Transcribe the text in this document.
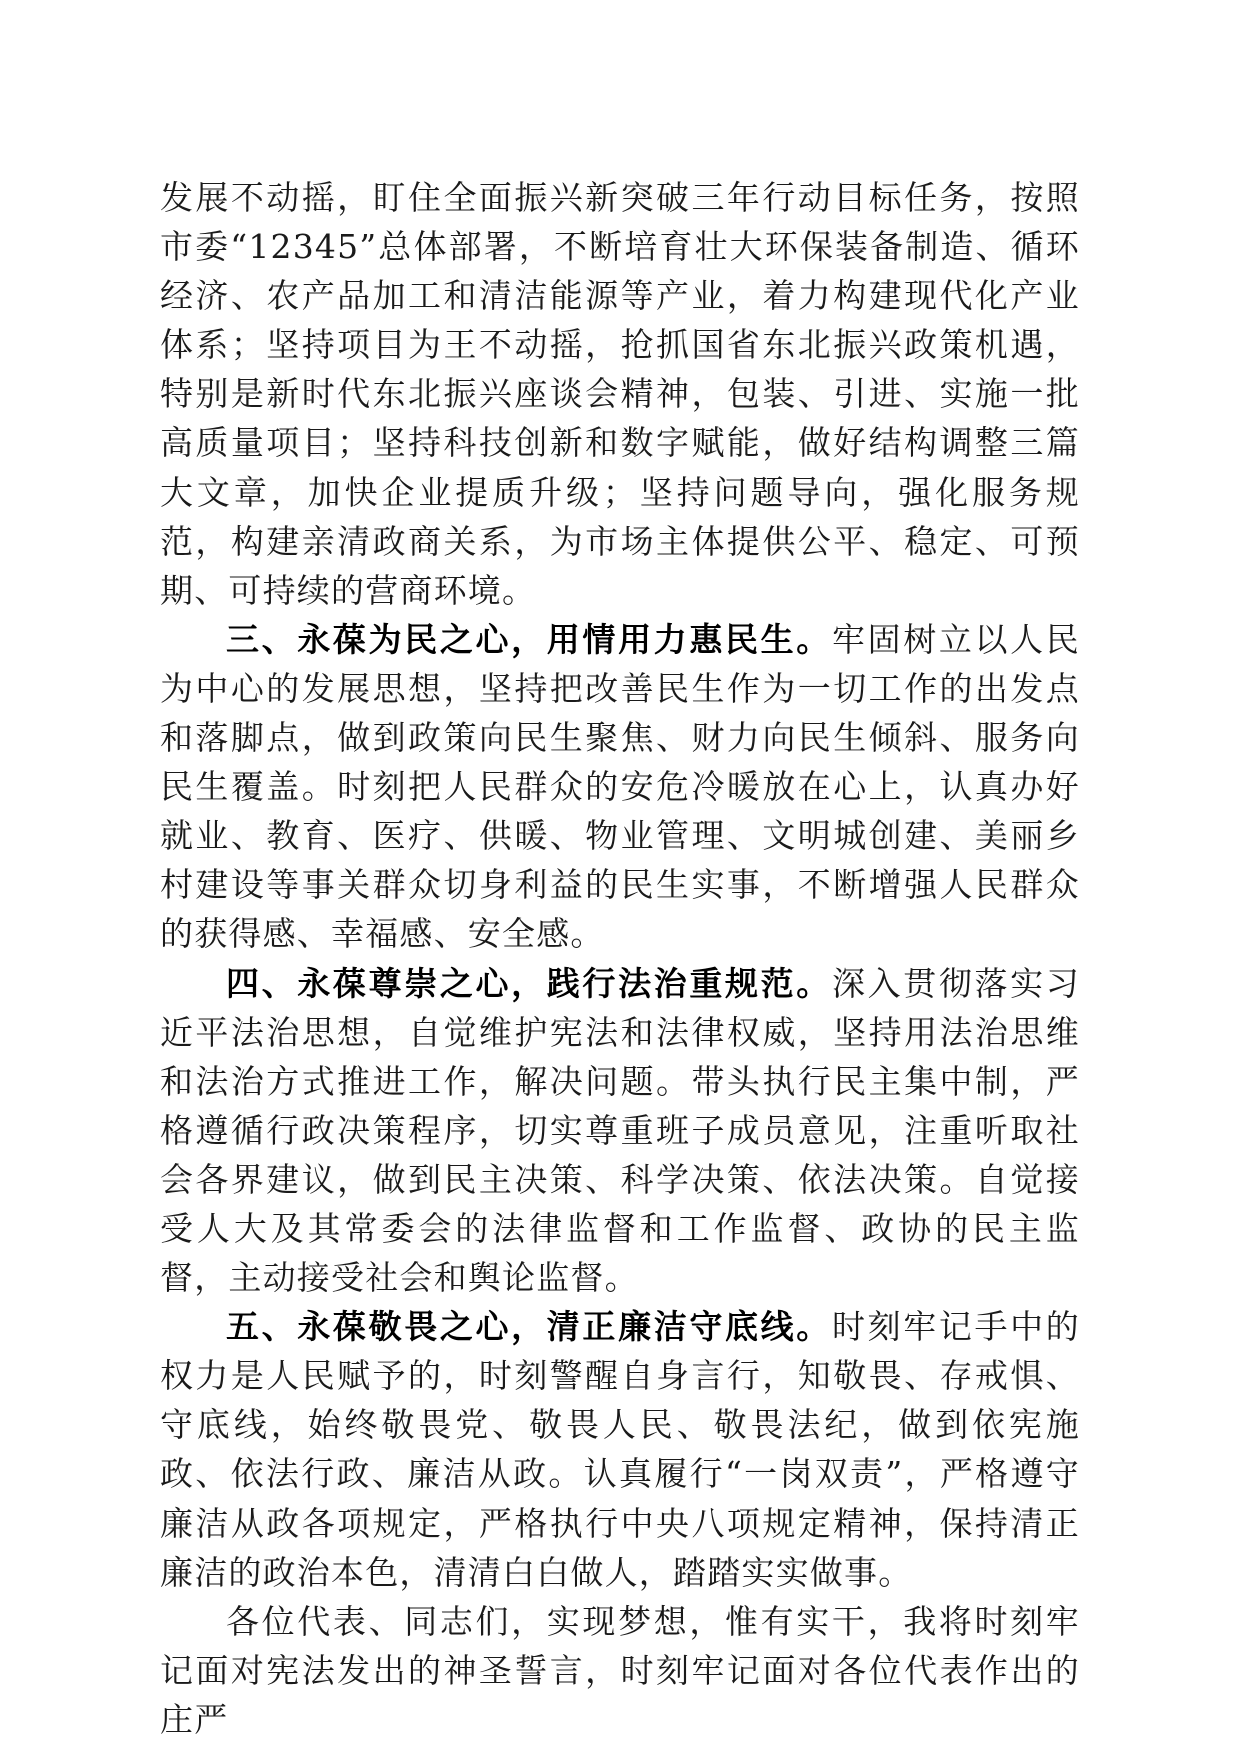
发展不动摇，盯住全面振兴新突破三年行动目标任务，按照市委“12345”总体部署，不断培育壮大环保装备制造、循环经济、农产品加工和清洁能源等产业，着力构建现代化产业体系；坚持项目为王不动摇，抢抓国省东北振兴政策机遇，特别是新时代东北振兴座谈会精神，包装、引进、实施一批高质量项目；坚持科技创新和数字赋能，做好结构调整三篇大文章，加快企业提质升级；坚持问题导向，强化服务规范，构建亲清政商关系，为市场主体提供公平、稳定、可预期、可持续的营商环境。

三、永葆为民之心，用情用力惠民生。牢固树立以人民为中心的发展思想，坚持把改善民生作为一切工作的出发点和落脚点，做到政策向民生聚焦、财力向民生倾斜、服务向民生覆盖。时刻把人民群众的安危冷暖放在心上，认真办好就业、教育、医疗、供暖、物业管理、文明城创建、美丽乡村建设等事关群众切身利益的民生实事，不断增强人民群众的获得感、幸福感、安全感。

四、永葆尊崇之心，践行法治重规范。深入贯彻落实习近平法治思想，自觉维护宪法和法律权威，坚持用法治思维和法治方式推进工作，解决问题。带头执行民主集中制，严格遵循行政决策程序，切实尊重班子成员意见，注重听取社会各界建议，做到民主决策、科学决策、依法决策。自觉接受人大及其常委会的法律监督和工作监督、政协的民主监督，主动接受社会和舆论监督。

五、永葆敬畏之心，清正廉洁守底线。时刻牢记手中的权力是人民赋予的，时刻警醒自身言行，知敬畏、存戒惧、守底线，始终敬畏党、敬畏人民、敬畏法纪，做到依宪施政、依法行政、廉洁从政。认真履行“一岗双责”，严格遵守廉洁从政各项规定，严格执行中央八项规定精神，保持清正廉洁的政治本色，清清白白做人，踏踏实实做事。

各位代表、同志们，实现梦想，惟有实干，我将时刻牢记面对宪法发出的神圣誓言，时刻牢记面对各位代表作出的庄严
